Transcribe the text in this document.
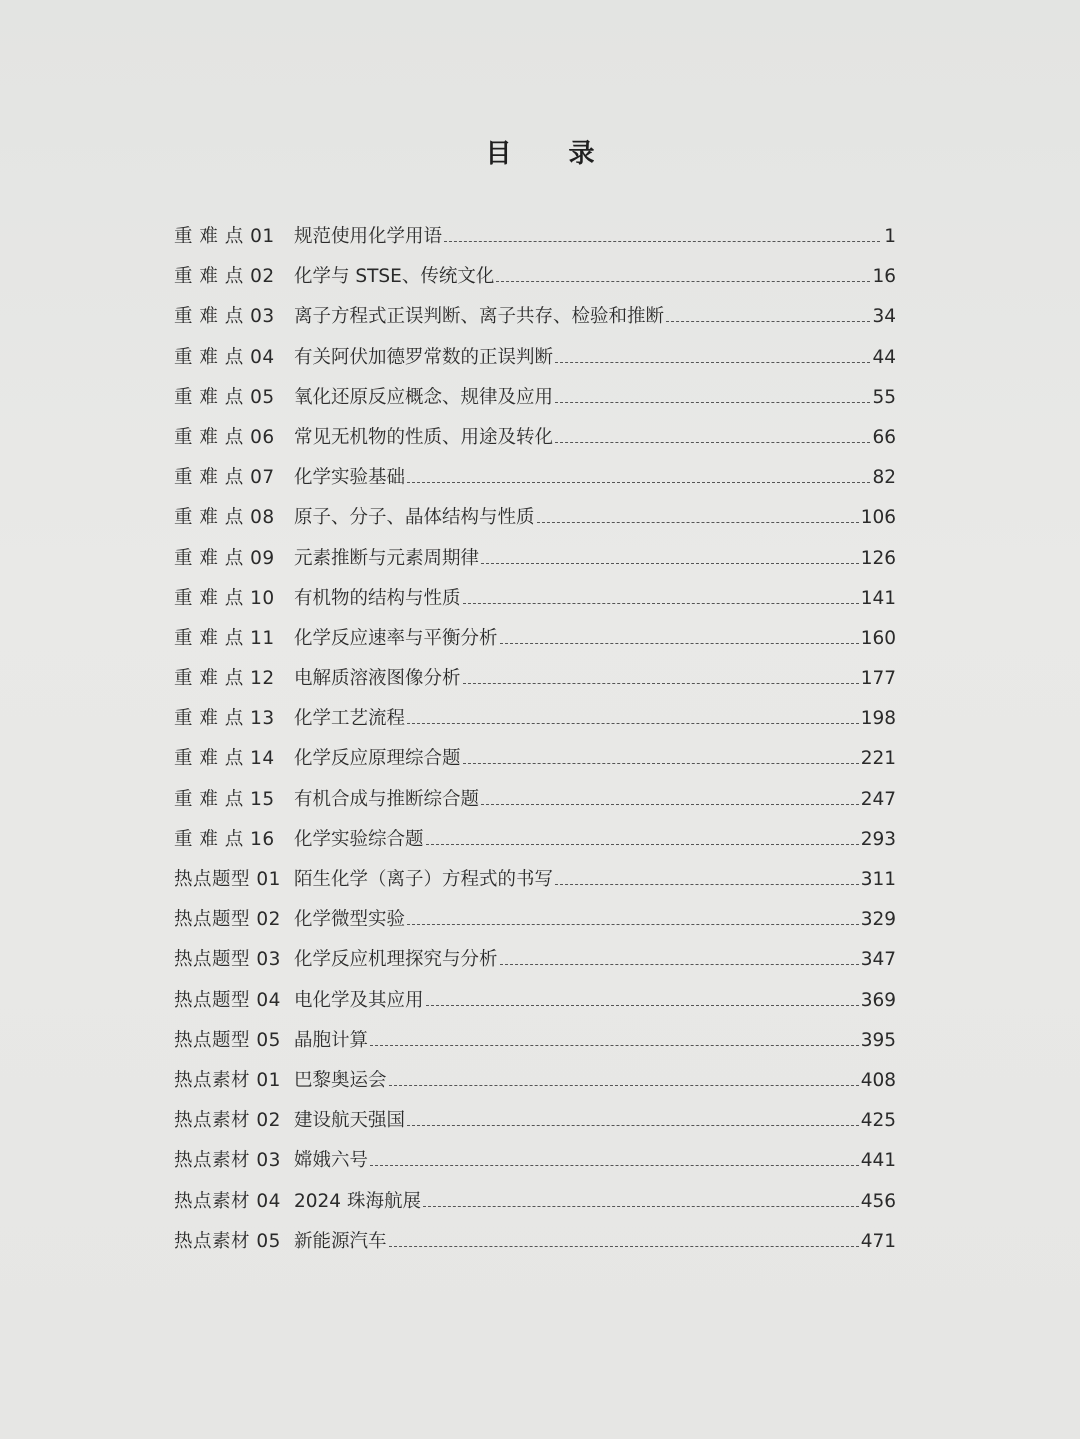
目 录
重 难 点 01	规范使用化学用语	1
重 难 点 02	化学与 STSE、传统文化	16
重 难 点 03	离子方程式正误判断、离子共存、检验和推断	34
重 难 点 04	有关阿伏加德罗常数的正误判断	44
重 难 点 05	氧化还原反应概念、规律及应用	55
重 难 点 06	常见无机物的性质、用途及转化	66
重 难 点 07	化学实验基础	82
重 难 点 08	原子、分子、晶体结构与性质	106
重 难 点 09	元素推断与元素周期律	126
重 难 点 10	有机物的结构与性质	141
重 难 点 11	化学反应速率与平衡分析	160
重 难 点 12	电解质溶液图像分析	177
重 难 点 13	化学工艺流程	198
重 难 点 14	化学反应原理综合题	221
重 难 点 15	有机合成与推断综合题	247
重 难 点 16	化学实验综合题	293
热点题型 01 陌生化学（离子）方程式的书写	311
热点题型 02 化学微型实验	329
热点题型 03 化学反应机理探究与分析	347
热点题型 04 电化学及其应用	369
热点题型 05 晶胞计算	395
热点素材 01 巴黎奥运会	408
热点素材 02 建设航天强国	425
热点素材 03 嫦娥六号	441
热点素材 04 2024 珠海航展	456
热点素材 05 新能源汽车	471
